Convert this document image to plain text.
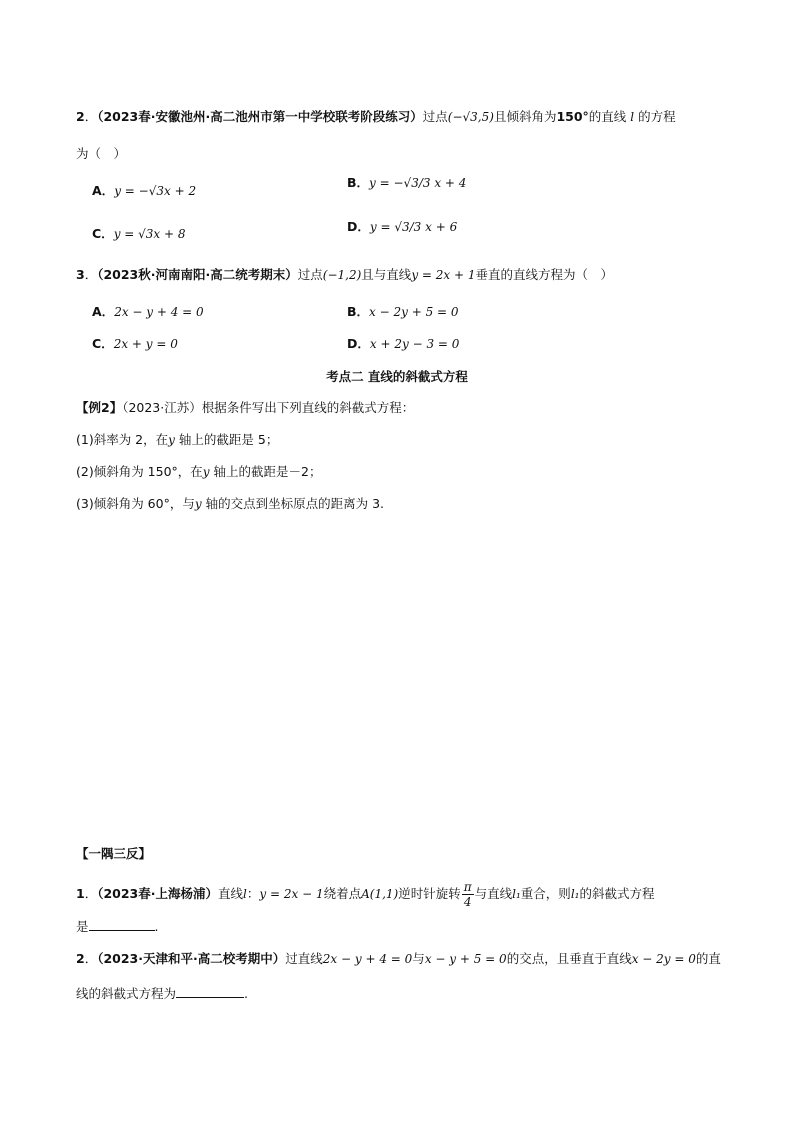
2．（2023春·安徽池州·高二池州市第一中学校联考阶段练习）过点(−√3,5)且倾斜角为150°的直线 l 的方程
为（　）
A．y = −√3x + 2
B．y = −√3/3 x + 4
C．y = √3x + 8	D．y = √3/3 x + 6
3．（2023秋·河南南阳·高二统考期末）过点(−1,2)且与直线y = 2x + 1垂直的直线方程为（　）
A．2x − y + 4 = 0	B．x − 2y + 5 = 0
C．2x + y = 0	D．x + 2y − 3 = 0
考点二 直线的斜截式方程
【例2】（2023·江苏）根据条件写出下列直线的斜截式方程：
(1)斜率为 2，在y 轴上的截距是 5；
(2)倾斜角为 150°，在y 轴上的截距是－2；
(3)倾斜角为 60°，与y 轴的交点到坐标原点的距离为 3.
【一隅三反】
1．（2023春·上海杨浦）直线l：y = 2x − 1绕着点A(1,1)逆时针旋转 $\frac{\pi}{4}$ 与直线l₁重合，则l₁的斜截式方程
是	.
2．（2023·天津和平·高二校考期中）过直线2x − y + 4 = 0与x − y + 5 = 0的交点，且垂直于直线x − 2y = 0的直
线的斜截式方程为	.
